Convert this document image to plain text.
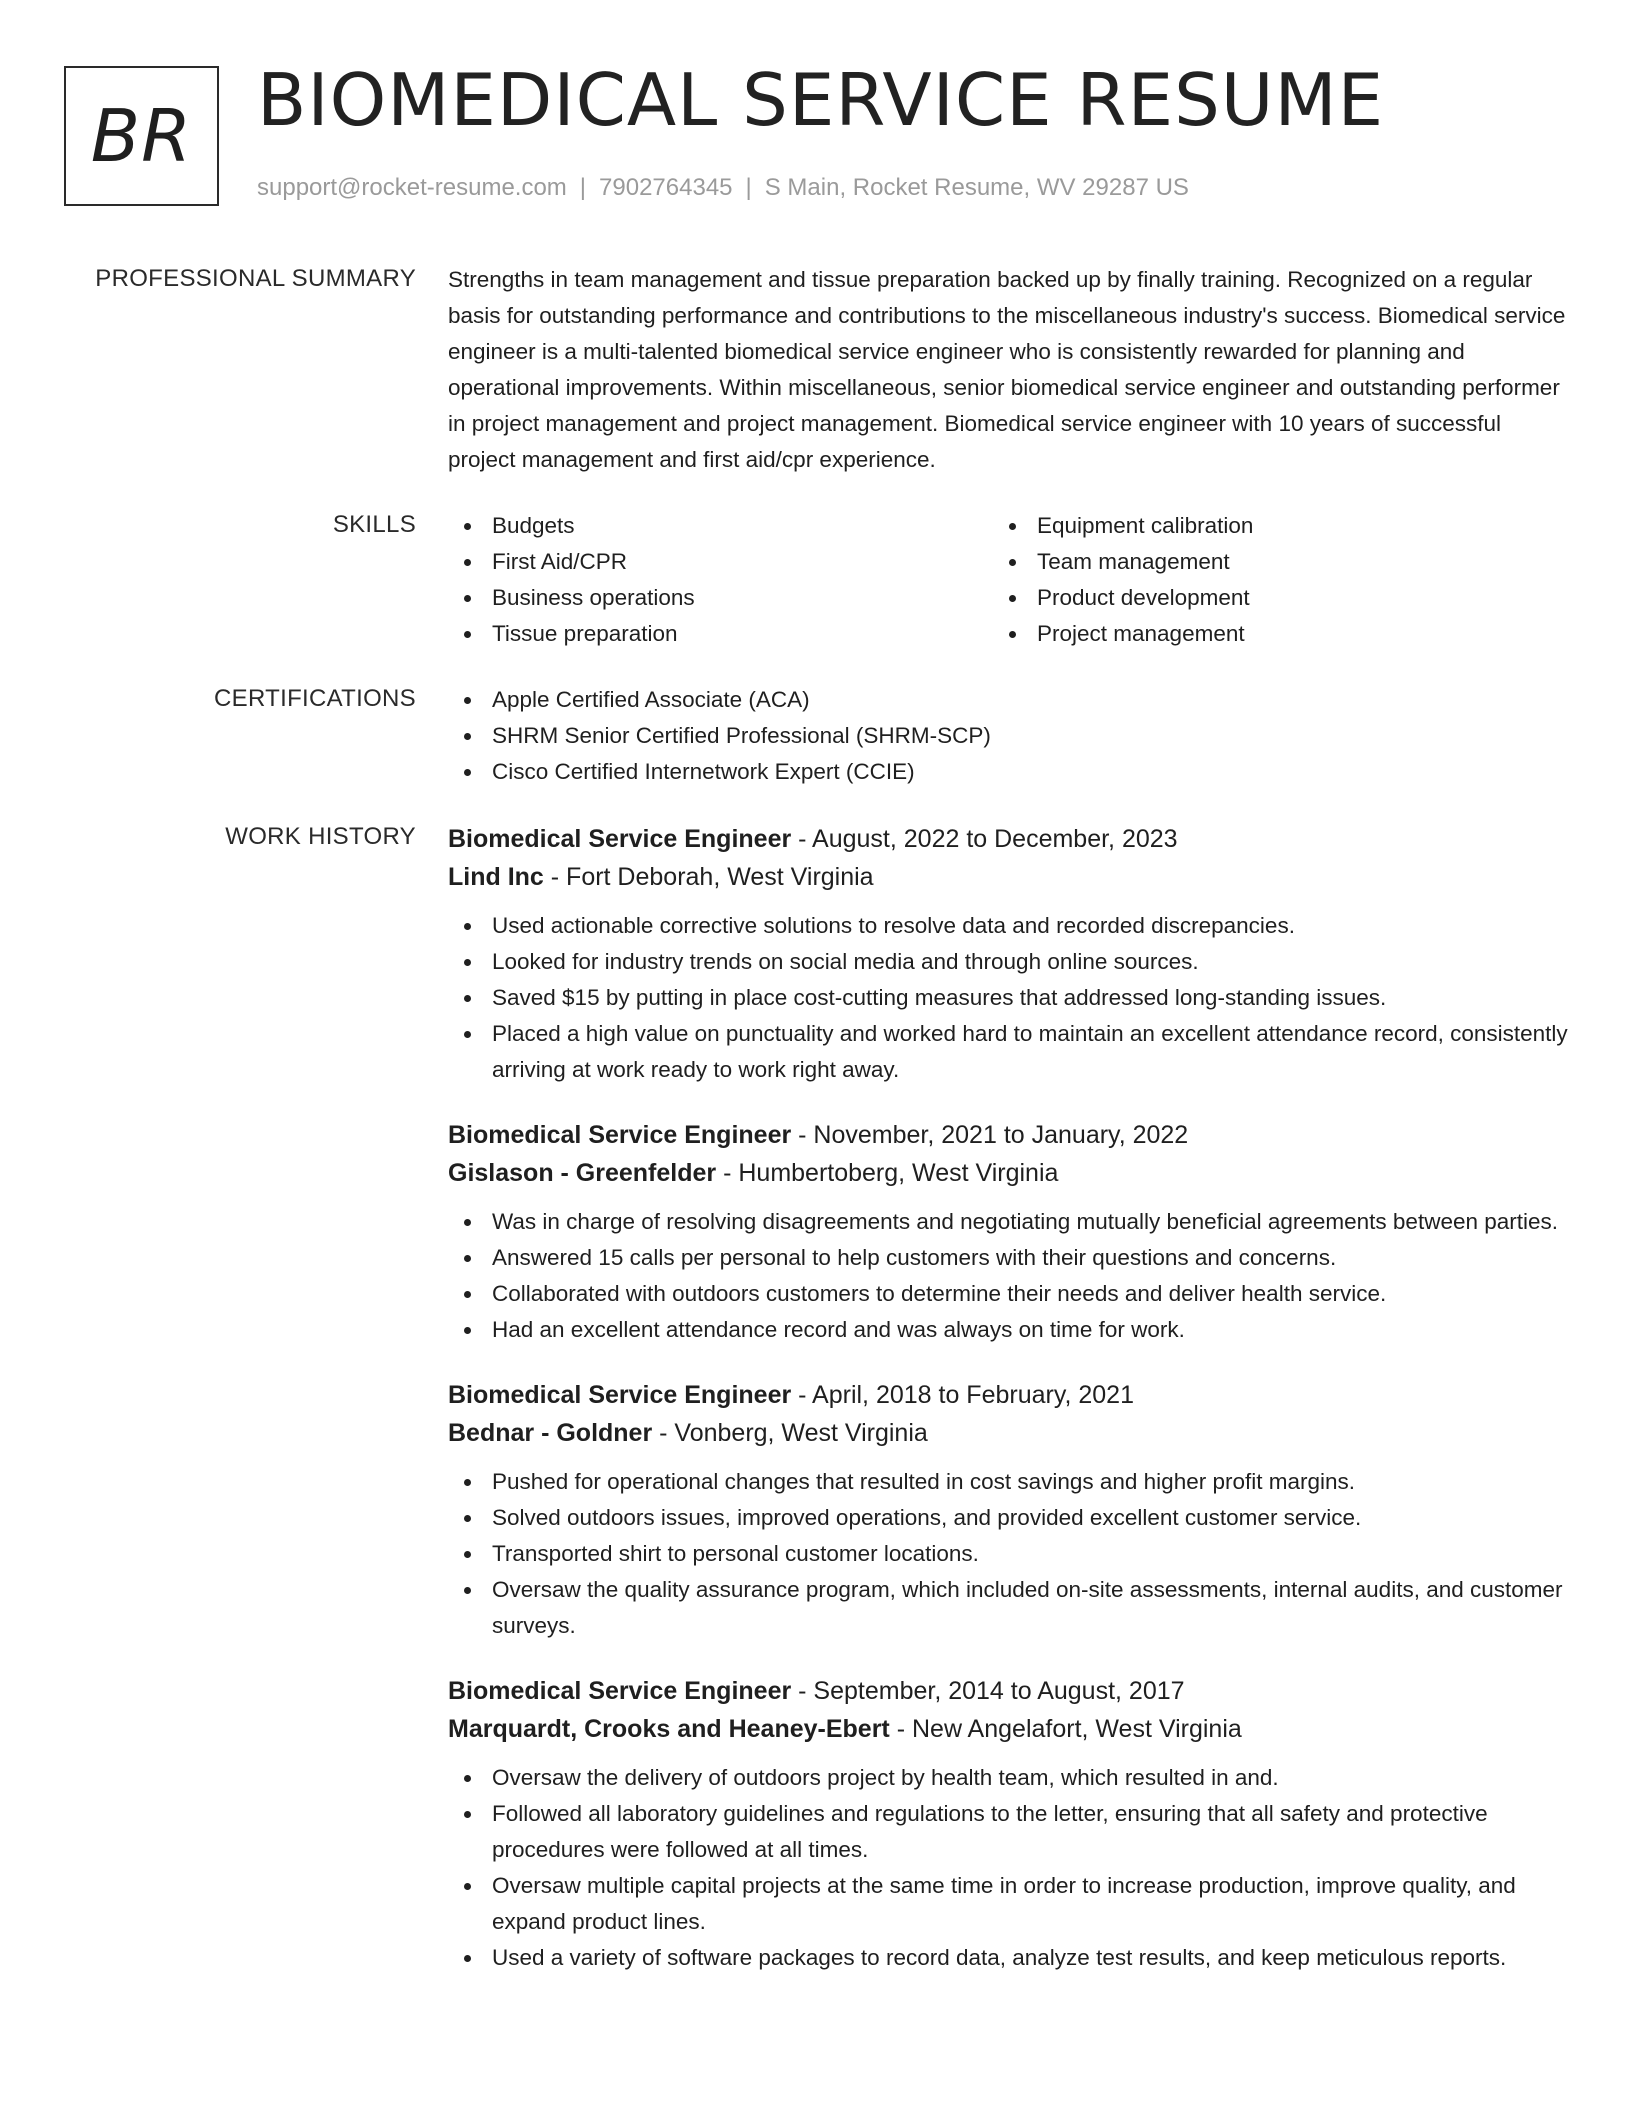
BR BIOMEDICAL SERVICE RESUME
support@rocket-resume.com | 7902764345 | S Main, Rocket Resume, WV 29287 US
PROFESSIONAL SUMMARY Strengths in team management and tissue preparation backed up by finally training. Recognized on a regular basis for outstanding performance and contributions to the miscellaneous industry's success. Biomedical service engineer is a multi-talented biomedical service engineer who is consistently rewarded for planning and operational improvements. Within miscellaneous, senior biomedical service engineer and outstanding performer in project management and project management. Biomedical service engineer with 10 years of successful project management and first aid/cpr experience.

SKILLS	Budgets
First Aid/CPR
Business operations
Tissue preparation
Equipment calibration
Team management
Product development
Project management
CERTIFICATIONS	Apple Certified Associate (ACA)
SHRM Senior Certified Professional (SHRM-SCP)
Cisco Certified Internetwork Expert (CCIE)
WORK HISTORY Biomedical Service Engineer - August, 2022 to December, 2023
Lind Inc - Fort Deborah, West Virginia
Used actionable corrective solutions to resolve data and recorded discrepancies.
Looked for industry trends on social media and through online sources.
Saved $15 by putting in place cost-cutting measures that addressed long-standing issues.
Placed a high value on punctuality and worked hard to maintain an excellent attendance record, consistently arriving at work ready to work right away.
Biomedical Service Engineer - November, 2021 to January, 2022
Gislason - Greenfelder - Humbertoberg, West Virginia
Was in charge of resolving disagreements and negotiating mutually beneficial agreements between parties.
Answered 15 calls per personal to help customers with their questions and concerns.
Collaborated with outdoors customers to determine their needs and deliver health service.
Had an excellent attendance record and was always on time for work.
Biomedical Service Engineer - April, 2018 to February, 2021
Bednar - Goldner - Vonberg, West Virginia
Pushed for operational changes that resulted in cost savings and higher profit margins.
Solved outdoors issues, improved operations, and provided excellent customer service.
Transported shirt to personal customer locations.
Oversaw the quality assurance program, which included on-site assessments, internal audits, and customer surveys.
Biomedical Service Engineer - September, 2014 to August, 2017
Marquardt, Crooks and Heaney-Ebert - New Angelafort, West Virginia
Oversaw the delivery of outdoors project by health team, which resulted in and.
Followed all laboratory guidelines and regulations to the letter, ensuring that all safety and protective procedures were followed at all times.
Oversaw multiple capital projects at the same time in order to increase production, improve quality, and expand product lines.
Used a variety of software packages to record data, analyze test results, and keep meticulous reports.
